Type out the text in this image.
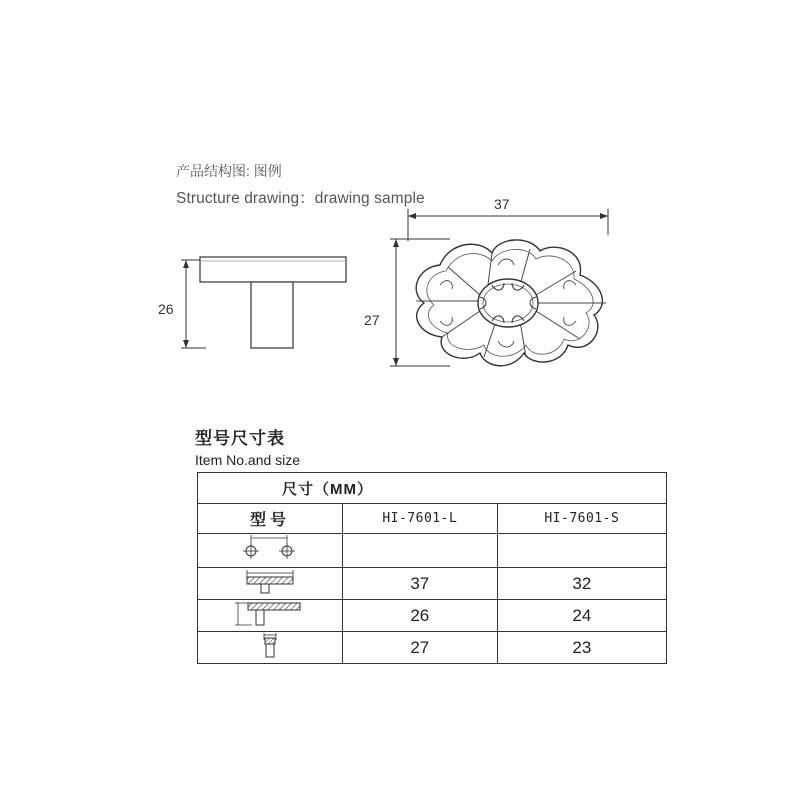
产品结构图: 图例
Structure drawing：drawing sample
26
37
27
型号尺寸表
Item No.and size
尺寸（MM）		
型号	HI-7601-L	HI-7601-S

	37	32
	26	24
	27	23
